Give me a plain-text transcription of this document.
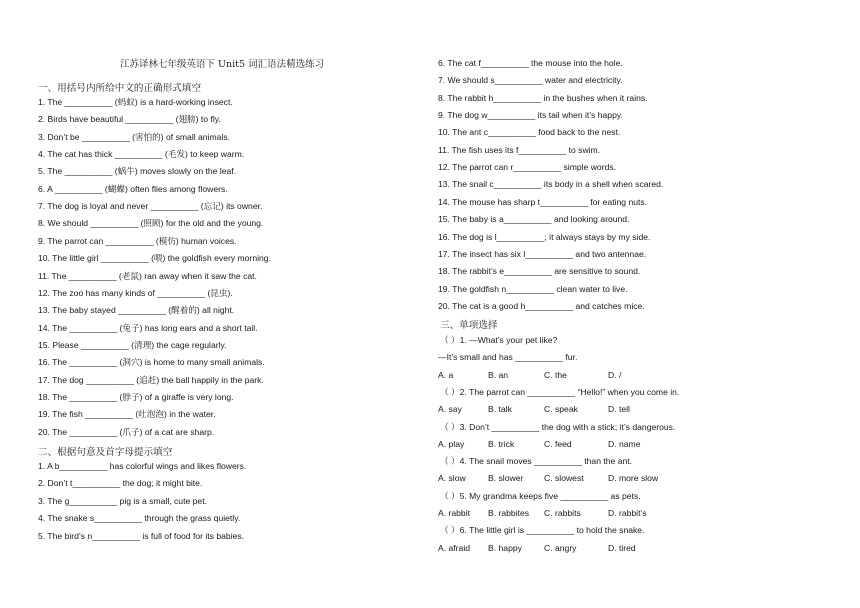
江苏译林七年级英语下 Unit5 词汇语法精选练习
一、用括号内所给中文的正确形式填空
1. The __________ (蚂蚁) is a hard-working insect.
2. Birds have beautiful __________ (翅膀) to fly.
3. Don’t be __________ (害怕的) of small animals.
4. The cat has thick __________ (毛发) to keep warm.
5. The __________ (蜗牛) moves slowly on the leaf.
6. A __________ (蝴蝶) often flies among flowers.
7. The dog is loyal and never __________ (忘记) its owner.
8. We should __________ (照顾) for the old and the young.
9. The parrot can __________ (模仿) human voices.
10. The little girl __________ (喂) the goldfish every morning.
11. The __________ (老鼠) ran away when it saw the cat.
12. The zoo has many kinds of __________ (昆虫).
13. The baby stayed __________ (醒着的) all night.
14. The __________ (兔子) has long ears and a short tail.
15. Please __________ (清理) the cage regularly.
16. The __________ (洞穴) is home to many small animals.
17. The dog __________ (追赶) the ball happily in the park.
18. The __________ (脖子) of a giraffe is very long.
19. The fish __________ (吐泡泡) in the water.
20. The __________ (爪子) of a cat are sharp.
二、根据句意及首字母提示填空
1. A b__________ has colorful wings and likes flowers.
2. Don’t t__________ the dog; it might bite.
3. The g__________ pig is a small, cute pet.
4. The snake s__________ through the grass quietly.
5. The bird’s n__________ is full of food for its babies.
6. The cat f__________ the mouse into the hole.
7. We should s__________ water and electricity.
8. The rabbit h__________ in the bushes when it rains.
9. The dog w__________ its tail when it’s happy.
10. The ant c__________ food back to the nest.
11. The fish uses its f__________ to swim.
12. The parrot can r__________ simple words.
13. The snail c__________ its body in a shell when scared.
14. The mouse has sharp t__________ for eating nuts.
15. The baby is a__________ and looking around.
16. The dog is l__________; it always stays by my side.
17. The insect has six l__________ and two antennae.
18. The rabbit’s e__________ are sensitive to sound.
19. The goldfish n__________ clean water to live.
20. The cat is a good h__________ and catches mice.
三、单项选择
（ ）1. —What’s your pet like?
—It’s small and has __________ fur.
A. a	B. an	C. the	D. /
（ ）2. The parrot can __________ “Hello!” when you come in.
A. say	B. talk	C. speak	D. tell
（ ）3. Don’t __________ the dog with a stick; it’s dangerous.
A. play	B. trick	C. feed	D. name
（ ）4. The snail moves __________ than the ant.
A. slow	B. slower C. slowest	D. more slow
（ ）5. My grandma keeps five __________ as pets.
A. rabbit B. rabbites C. rabbits	D. rabbit’s
（ ）6. The little girl is __________ to hold the snake.
A. afraid B. happy	C. angry	D. tired
